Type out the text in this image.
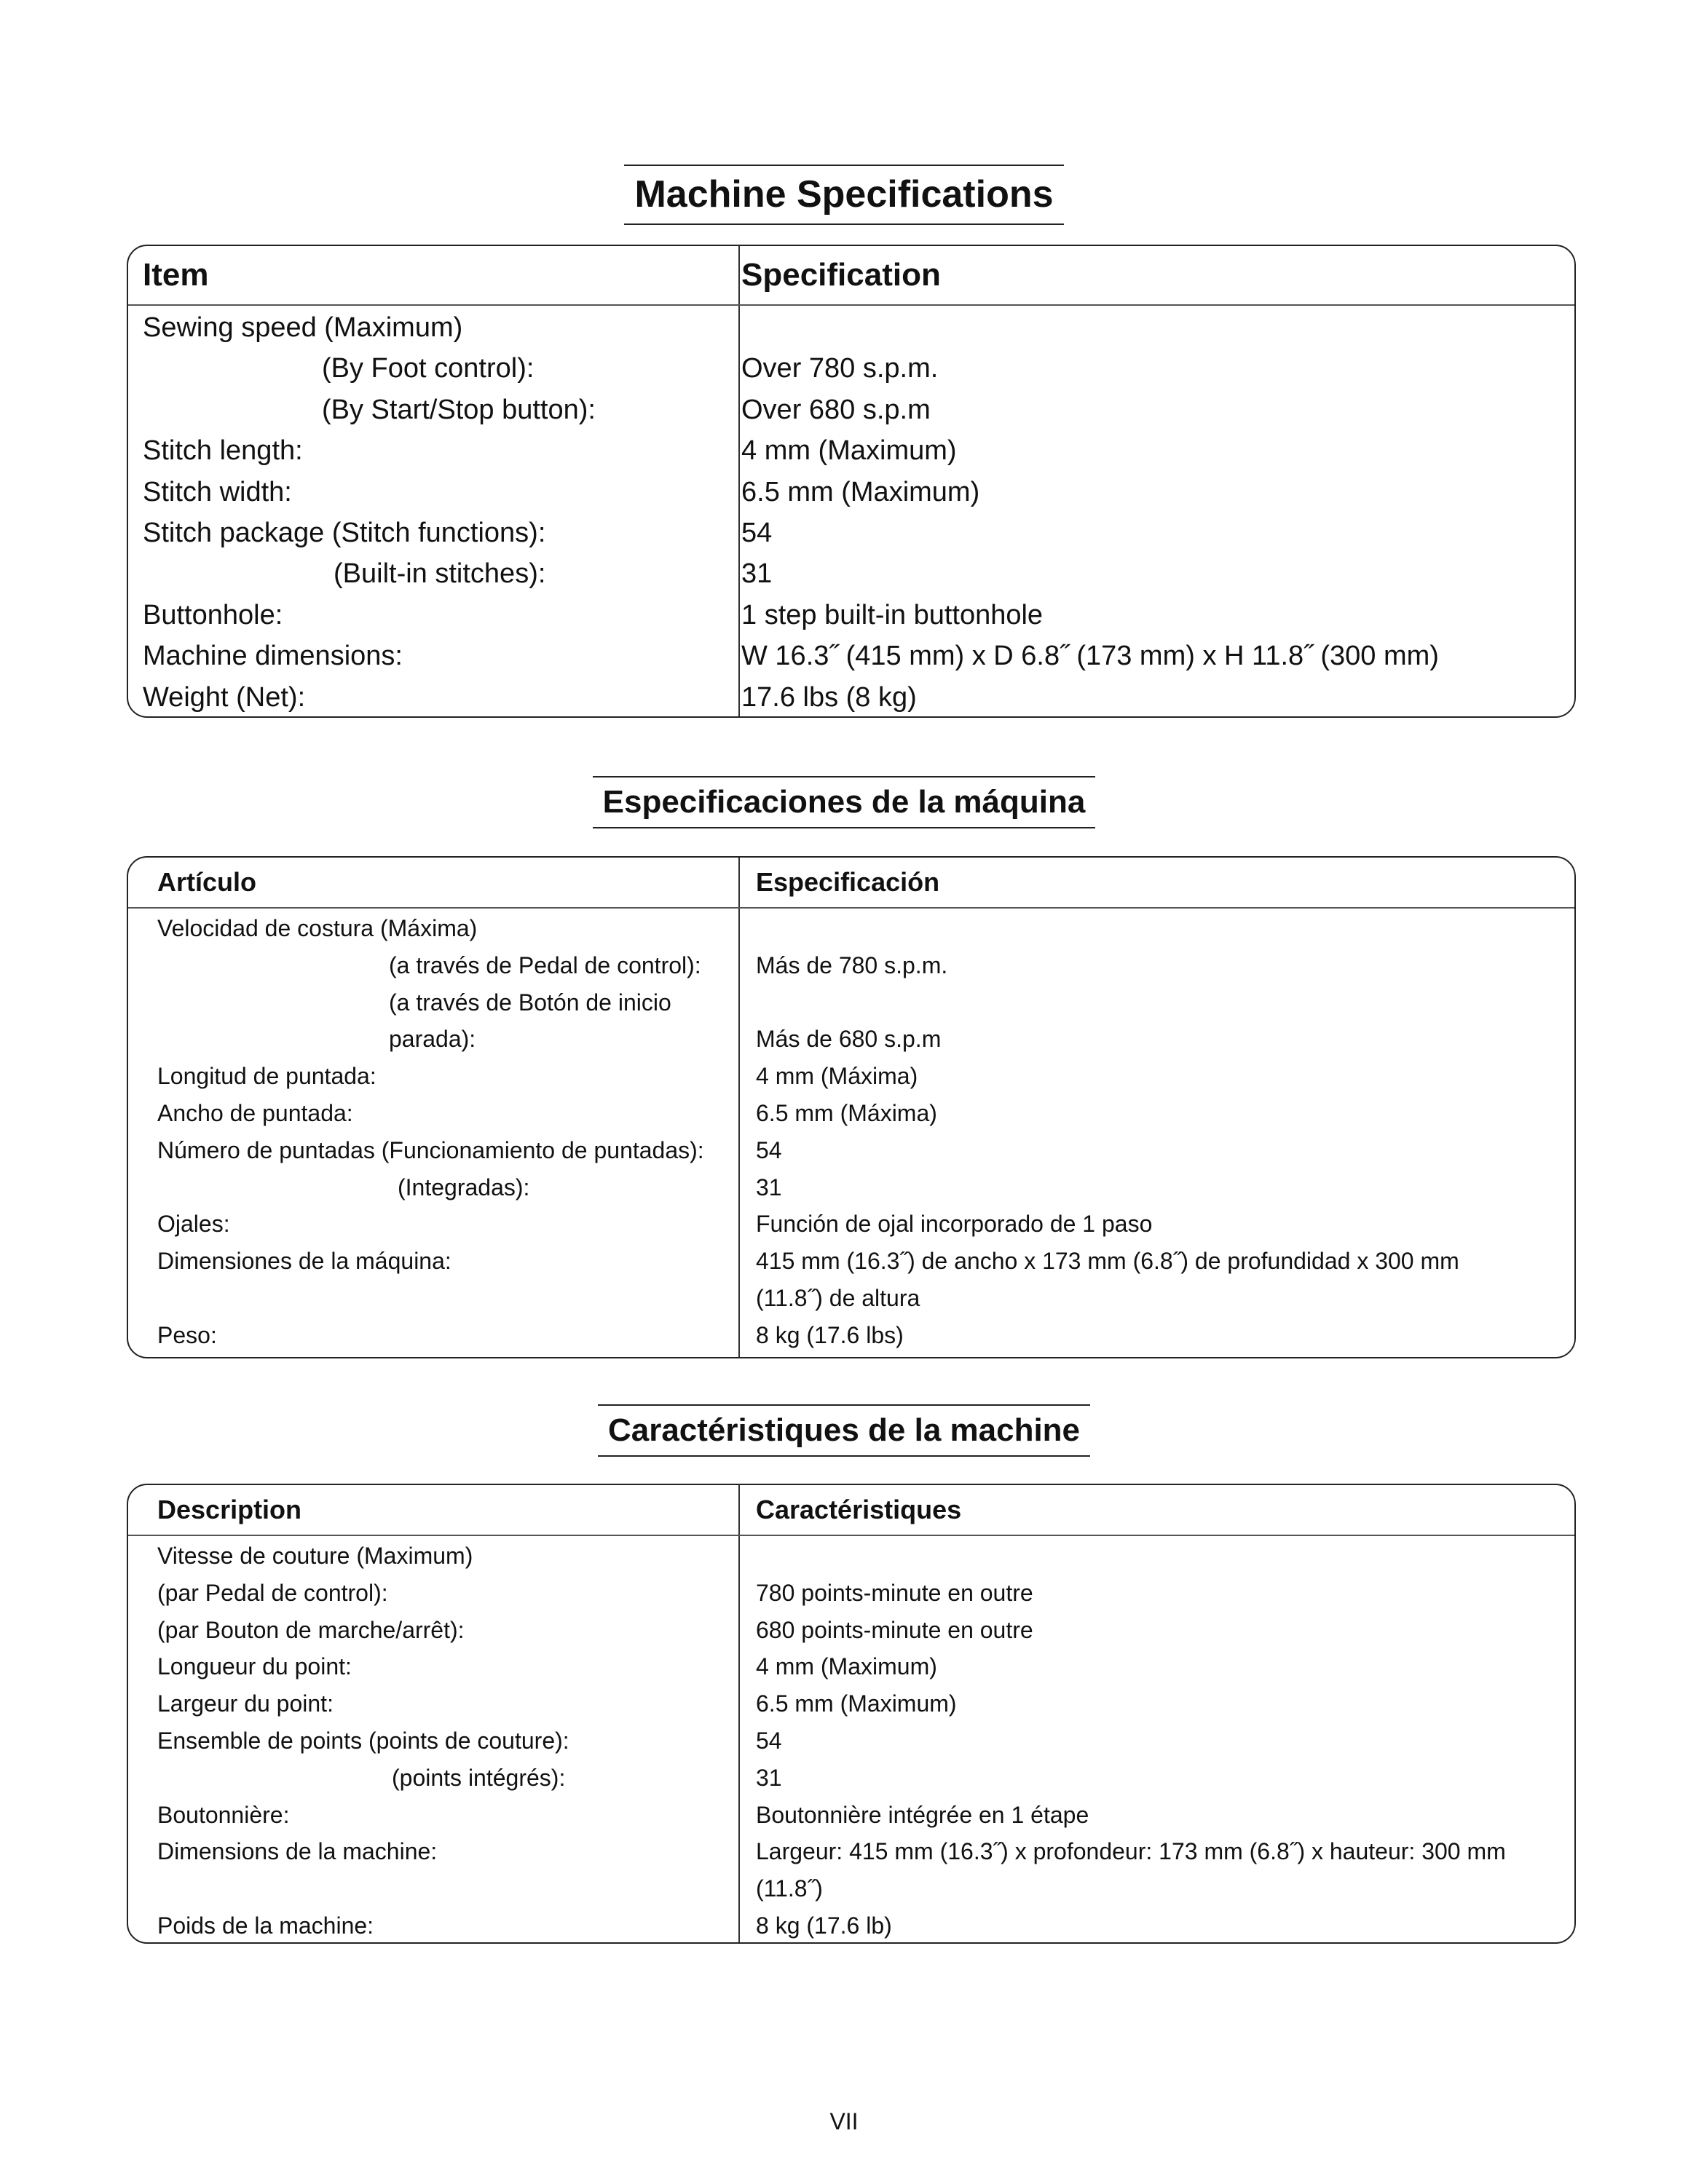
Machine Specifications
Item	Specification
Sewing speed (Maximum)
(By Foot control):	Over 780 s.p.m.
(By Start/Stop button):	Over 680 s.p.m
Stitch length:	4 mm (Maximum)
Stitch width:	6.5 mm (Maximum)
Stitch package (Stitch functions):	54
(Built-in stitches):	31
Buttonhole:	1 step built-in buttonhole
Machine dimensions:	W 16.3˝ (415 mm) x D 6.8˝ (173 mm) x H 11.8˝ (300 mm)
Weight (Net):	17.6 lbs (8 kg)
Especificaciones de la máquina
Artículo	Especificación
Velocidad de costura (Máxima)
(a través de Pedal de control): Más de 780 s.p.m.
(a través de Botón de inicio
parada):	Más de 680 s.p.m
Longitud de puntada:	4 mm (Máxima)
Ancho de puntada:	6.5 mm (Máxima)
Número de puntadas (Funcionamiento de puntadas): 54
(Integradas):	31
Ojales:	Función de ojal incorporado de 1 paso
Dimensiones de la máquina:	415 mm (16.3˝) de ancho x 173 mm (6.8˝) de profundidad x 300 mm
(11.8˝) de altura
Peso:	8 kg (17.6 lbs)
Caractéristiques de la machine
Description	Caractéristiques
Vitesse de couture (Maximum)
(par Pedal de control):	780 points-minute en outre
(par Bouton de marche/arrêt):	680 points-minute en outre
Longueur du point:	4 mm (Maximum)
Largeur du point:	6.5 mm (Maximum)
Ensemble de points (points de couture):	54
(points intégrés):	31
Boutonnière:	Boutonnière intégrée en 1 étape
Dimensions de la machine:	Largeur: 415 mm (16.3˝) x profondeur: 173 mm (6.8˝) x hauteur: 300 mm
(11.8˝)
Poids de la machine:	8 kg (17.6 lb)
VII
